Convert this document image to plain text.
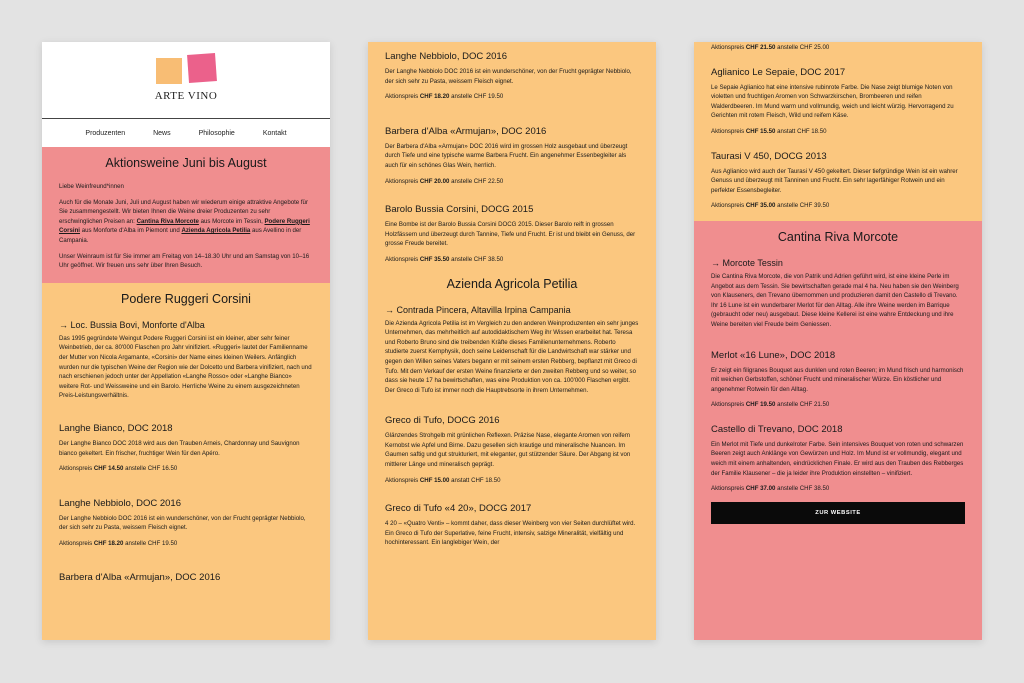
ARTE VINO
Produzenten	News	Philosophie	Kontakt
Aktionsweine Juni bis August

Liebe Weinfreund*innen

Auch für die Monate Juni, Juli und August haben wir wiederum einige attraktive Angebote für Sie zusammengestellt. Wir bieten Ihnen die Weine dreier Produzenten zu sehr erschwinglichen Preisen an: Cantina Riva Morcote aus Morcote im Tessin, Podere Ruggeri Corsini aus Monforte d'Alba im Piemont und Azienda Agricola Petilia aus Avellino in der Campania.

Unser Weinraum ist für Sie immer am Freitag von 14–18.30 Uhr und am Samstag von 10–16 Uhr geöffnet. Wir freuen uns sehr über Ihren Besuch.

Podere Ruggeri Corsini
→ Loc. Bussia Bovi, Monforte d'Alba

Das 1995 gegründete Weingut Podere Ruggeri Corsini ist ein kleiner, aber sehr feiner Weinbetrieb, der ca. 80'000 Flaschen pro Jahr vinifiziert. «Ruggeri» lautet der Familienname der Mutter von Nicola Argamante, «Corsini» der Name eines kleinen Weilers. Anfänglich wurden nur die typischen Weine der Region wie der Dolcetto und Barbera vinifiziert, nach und nach erschienen jedoch unter der Appellation «Langhe Rosso» oder «Langhe Bianco» weitere Rot- und Weissweine und ein Barolo. Herrliche Weine zu einem ausgezeichneten Preis-Leistungsverhältnis.

Langhe Bianco, DOC 2018

Der Langhe Bianco DOC 2018 wird aus den Trauben Arneis, Chardonnay und Sauvignon bianco gekeltert. Ein frischer, fruchtiger Wein für den Apéro.

Aktionspreis CHF 14.50 anstelle CHF 16.50

Langhe Nebbiolo, DOC 2016

Der Langhe Nebbiolo DOC 2016 ist ein wunderschöner, von der Frucht geprägter Nebbiolo, der sich sehr zu Pasta, weissem Fleisch eignet.

Aktionspreis CHF 18.20 anstelle CHF 19.50

Barbera d'Alba «Armujan», DOC 2016
Langhe Nebbiolo, DOC 2016

Der Langhe Nebbiolo DOC 2016 ist ein wunderschöner, von der Frucht geprägter Nebbiolo, der sich sehr zu Pasta, weissem Fleisch eignet.

Aktionspreis CHF 18.20 anstelle CHF 19.50

Barbera d'Alba «Armujan», DOC 2016

Der Barbera d'Alba «Armujan» DOC 2016 wird im grossen Holz ausgebaut und überzeugt durch Tiefe und eine typische warme Barbera Frucht. Ein angenehmer Essenbegleiter als auch für ein schönes Glas Wein, herrlich.

Aktionspreis CHF 20.00 anstelle CHF 22.50

Barolo Bussia Corsini, DOCG 2015

Eine Bombe ist der Barolo Bussia Corsini DOCG 2015. Dieser Barolo reift in grossen Holzfässern und überzeugt durch Tannine, Tiefe und Frucht. Er ist und bleibt ein Genuss, der grosse Freude bereitet.

Aktionspreis CHF 35.50 anstelle CHF 38.50

Azienda Agricola Petilia
→ Contrada Pincera, Altavilla Irpina Campania

Die Azienda Agricola Petilia ist im Vergleich zu den anderen Weinproduzenten ein sehr junges Unternehmen, das mehrheitlich auf autodidaktischem Weg ihr Wissen erarbeitet hat. Teresa und Roberto Bruno sind die treibenden Kräfte dieses Familienunternehmens. Roberto studierte zuerst Kernphysik, doch seine Leidenschaft für die Landwirtschaft war stärker und gegen den Willen seines Vaters begann er mit seinem ersten Rebberg, bepflanzt mit Greco di Tufo. Mit dem Verkauf der ersten Weine finanzierte er den zweiten Rebberg und so weiter, so dass sie heute 17 ha bewirtschaften, was eine Produktion von ca. 100'000 Flaschen ergibt. Der Greco di Tufo ist immer noch die Hauptrebsorte in ihrem Unternehmen.

Greco di Tufo, DOCG 2016

Glänzendes Strohgelb mit grünlichen Reflexen. Präzise Nase, elegante Aromen von reifem Kernobst wie Apfel und Birne. Dazu gesellen sich krautige und mineralische Nuancen. Im Gaumen saftig und gut strukturiert, mit eleganter, gut stützender Säure. Der Abgang ist von mittlerer Länge und mineralisch geprägt.

Aktionspreis CHF 15.00 anstatt CHF 18.50

Greco di Tufo «4 20», DOCG 2017

4 20 – «Quatro Venti» – kommt daher, dass dieser Weinberg von vier Seiten durchlüftet wird. Ein Greco di Tufo der Superlative, feine Frucht, intensiv, salzige Mineralität, vielfältig und hochinteressant. Ein langlebiger Wein, der

Aktionspreis CHF 21.50 anstelle CHF 25.00

Aglianico Le Sepaie, DOC 2017

Le Sepaie Aglianico hat eine intensive rubinrote Farbe. Die Nase zeigt blumige Noten von violetten und fruchtigen Aromen von Schwarzkirschen, Brombeeren und reifen Walderdbeeren. Im Mund warm und vollmundig, weich und leicht würzig. Hervorragend zu Gerichten mit rotem Fleisch, Wild und reifem Käse.

Aktionspreis CHF 15.50 anstatt CHF 18.50

Taurasi V 450, DOCG 2013

Aus Aglianico wird auch der Taurasi V 450 gekeltert. Dieser tiefgründige Wein ist ein wahrer Genuss und überzeugt mit Tanninen und Frucht. Ein sehr lagerfähiger Rotwein und ein perfekter Essensbegleiter.

Aktionspreis CHF 35.00 anstelle CHF 39.50

Cantina Riva Morcote
→ Morcote Tessin

Die Cantina Riva Morcote, die von Patrik und Adrien geführt wird, ist eine kleine Perle im Angebot aus dem Tessin. Sie bewirtschaften gerade mal 4 ha. Neu haben sie den Weinberg von Klauseners, den Trevano übernommen und produzieren damit den Castello di Trevano. Ihr 16 Lune ist ein wunderbarer Merlot für den Alltag. Alle ihre Weine werden im Barrique (gebraucht oder neu) ausgebaut. Diese kleine Kellerei ist eine wahre Entdeckung und ihre Weine bereiten viel Freude beim Geniessen.

Merlot «16 Lune», DOC 2018

Er zeigt ein filigranes Bouquet aus dunklen und roten Beeren; im Mund frisch und harmonisch mit weichen Gerbstoffen, schöner Frucht und mineralischer Würze. Ein köstlicher und angenehmer Rotwein für den Alltag.

Aktionspreis CHF 19.50 anstelle CHF 21.50

Castello di Trevano, DOC 2018

Ein Merlot mit Tiefe und dunkelroter Farbe. Sein intensives Bouquet von roten und schwarzen Beeren zeigt auch Anklänge von Gewürzen und Holz. Im Mund ist er vollmundig, elegant und weich mit einem anhaltenden, eindrücklichen Finale. Er wird aus den Trauben des Rebberges der Familie Klausener – die ja leider ihre Produktion einstellten – vinifiziert.

Aktionspreis CHF 37.00 anstelle CHF 38.50

ZUR WEBSITE
